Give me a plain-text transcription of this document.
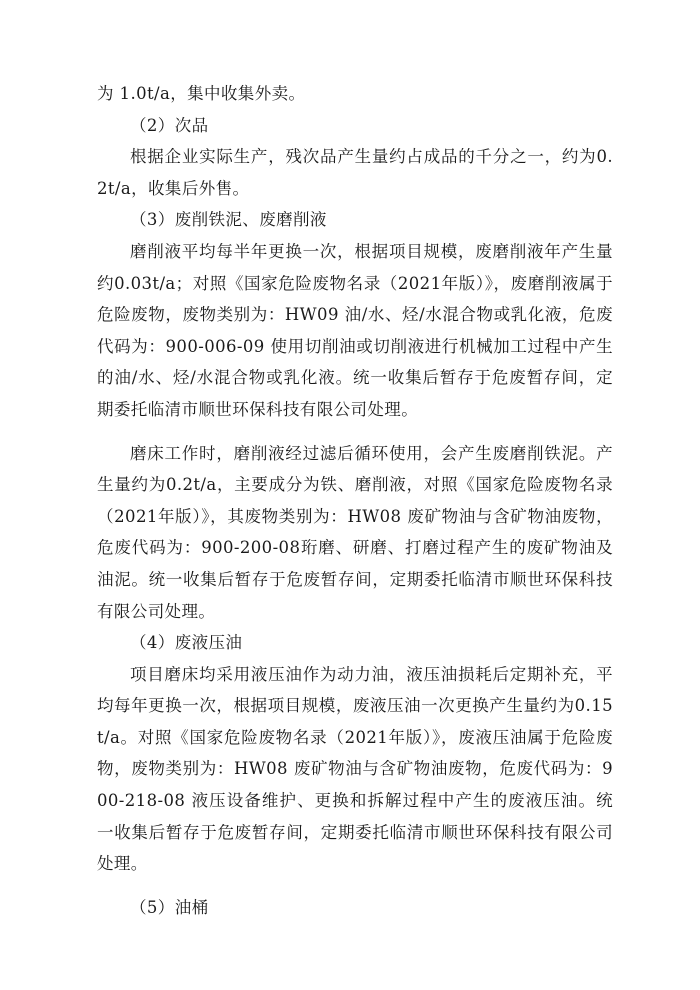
为 1.0t/a，集中收集外卖。

（2）次品

根据企业实际生产，残次品产生量约占成品的千分之一，约为0.2t/a，收集后外售。

（3）废削铁泥、废磨削液

磨削液平均每半年更换一次，根据项目规模，废磨削液年产生量约0.03t/a；对照《国家危险废物名录（2021年版）》，废磨削液属于危险废物，废物类别为：HW09 油/水、烃/水混合物或乳化液，危废代码为：900-006-09 使用切削油或切削液进行机械加工过程中产生的油/水、烃/水混合物或乳化液。统一收集后暂存于危废暂存间，定期委托临清市顺世环保科技有限公司处理。

磨床工作时，磨削液经过滤后循环使用，会产生废磨削铁泥。产生量约为0.2t/a，主要成分为铁、磨削液，对照《国家危险废物名录（2021年版）》，其废物类别为：HW08 废矿物油与含矿物油废物，危废代码为：900-200-08珩磨、研磨、打磨过程产生的废矿物油及油泥。统一收集后暂存于危废暂存间，定期委托临清市顺世环保科技有限公司处理。

（4）废液压油

项目磨床均采用液压油作为动力油，液压油损耗后定期补充，平均每年更换一次，根据项目规模，废液压油一次更换产生量约为0.15t/a。对照《国家危险废物名录（2021年版）》，废液压油属于危险废物，废物类别为：HW08 废矿物油与含矿物油废物，危废代码为：900-218-08 液压设备维护、更换和拆解过程中产生的废液压油。统一收集后暂存于危废暂存间，定期委托临清市顺世环保科技有限公司处理。

（5）油桶
